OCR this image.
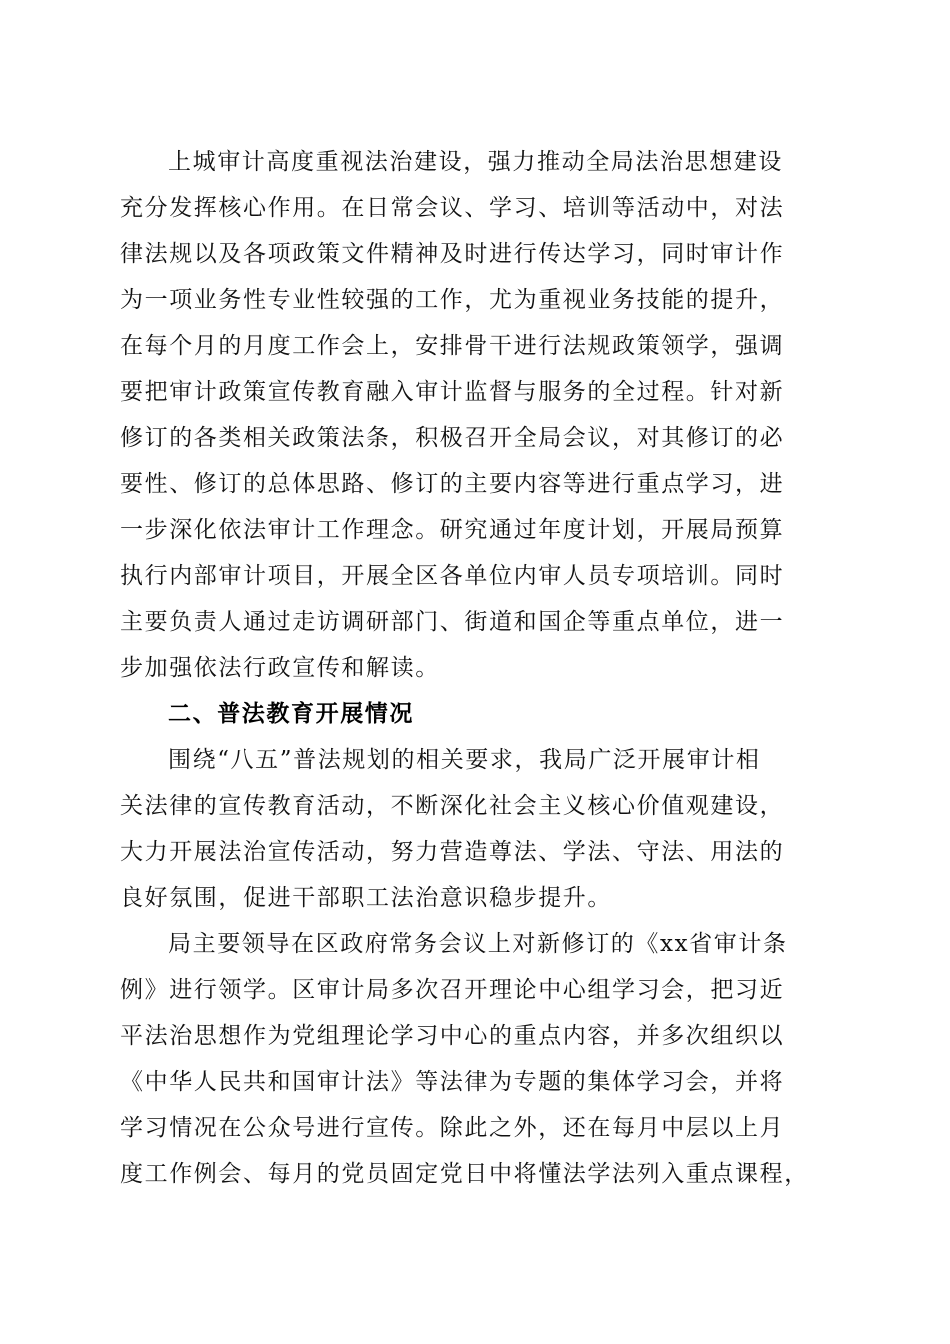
上城审计高度重视法治建设，强力推动全局法治思想建设
充分发挥核心作用。在日常会议、学习、培训等活动中，对法
律法规以及各项政策文件精神及时进行传达学习，同时审计作
为一项业务性专业性较强的工作，尤为重视业务技能的提升，
在每个月的月度工作会上，安排骨干进行法规政策领学，强调
要把审计政策宣传教育融入审计监督与服务的全过程。针对新
修订的各类相关政策法条，积极召开全局会议，对其修订的必
要性、修订的总体思路、修订的主要内容等进行重点学习，进
一步深化依法审计工作理念。研究通过年度计划，开展局预算
执行内部审计项目，开展全区各单位内审人员专项培训。同时
主要负责人通过走访调研部门、街道和国企等重点单位，进一
步加强依法行政宣传和解读。
二、普法教育开展情况
围绕“八五”普法规划的相关要求，我局广泛开展审计相
关法律的宣传教育活动，不断深化社会主义核心价值观建设，
大力开展法治宣传活动，努力营造尊法、学法、守法、用法的
良好氛围，促进干部职工法治意识稳步提升。
局主要领导在区政府常务会议上对新修订的《xx省审计条
例》进行领学。区审计局多次召开理论中心组学习会，把习近
平法治思想作为党组理论学习中心的重点内容，并多次组织以
《中华人民共和国审计法》等法律为专题的集体学习会，并将
学习情况在公众号进行宣传。除此之外，还在每月中层以上月
度工作例会、每月的党员固定党日中将懂法学法列入重点课程，
